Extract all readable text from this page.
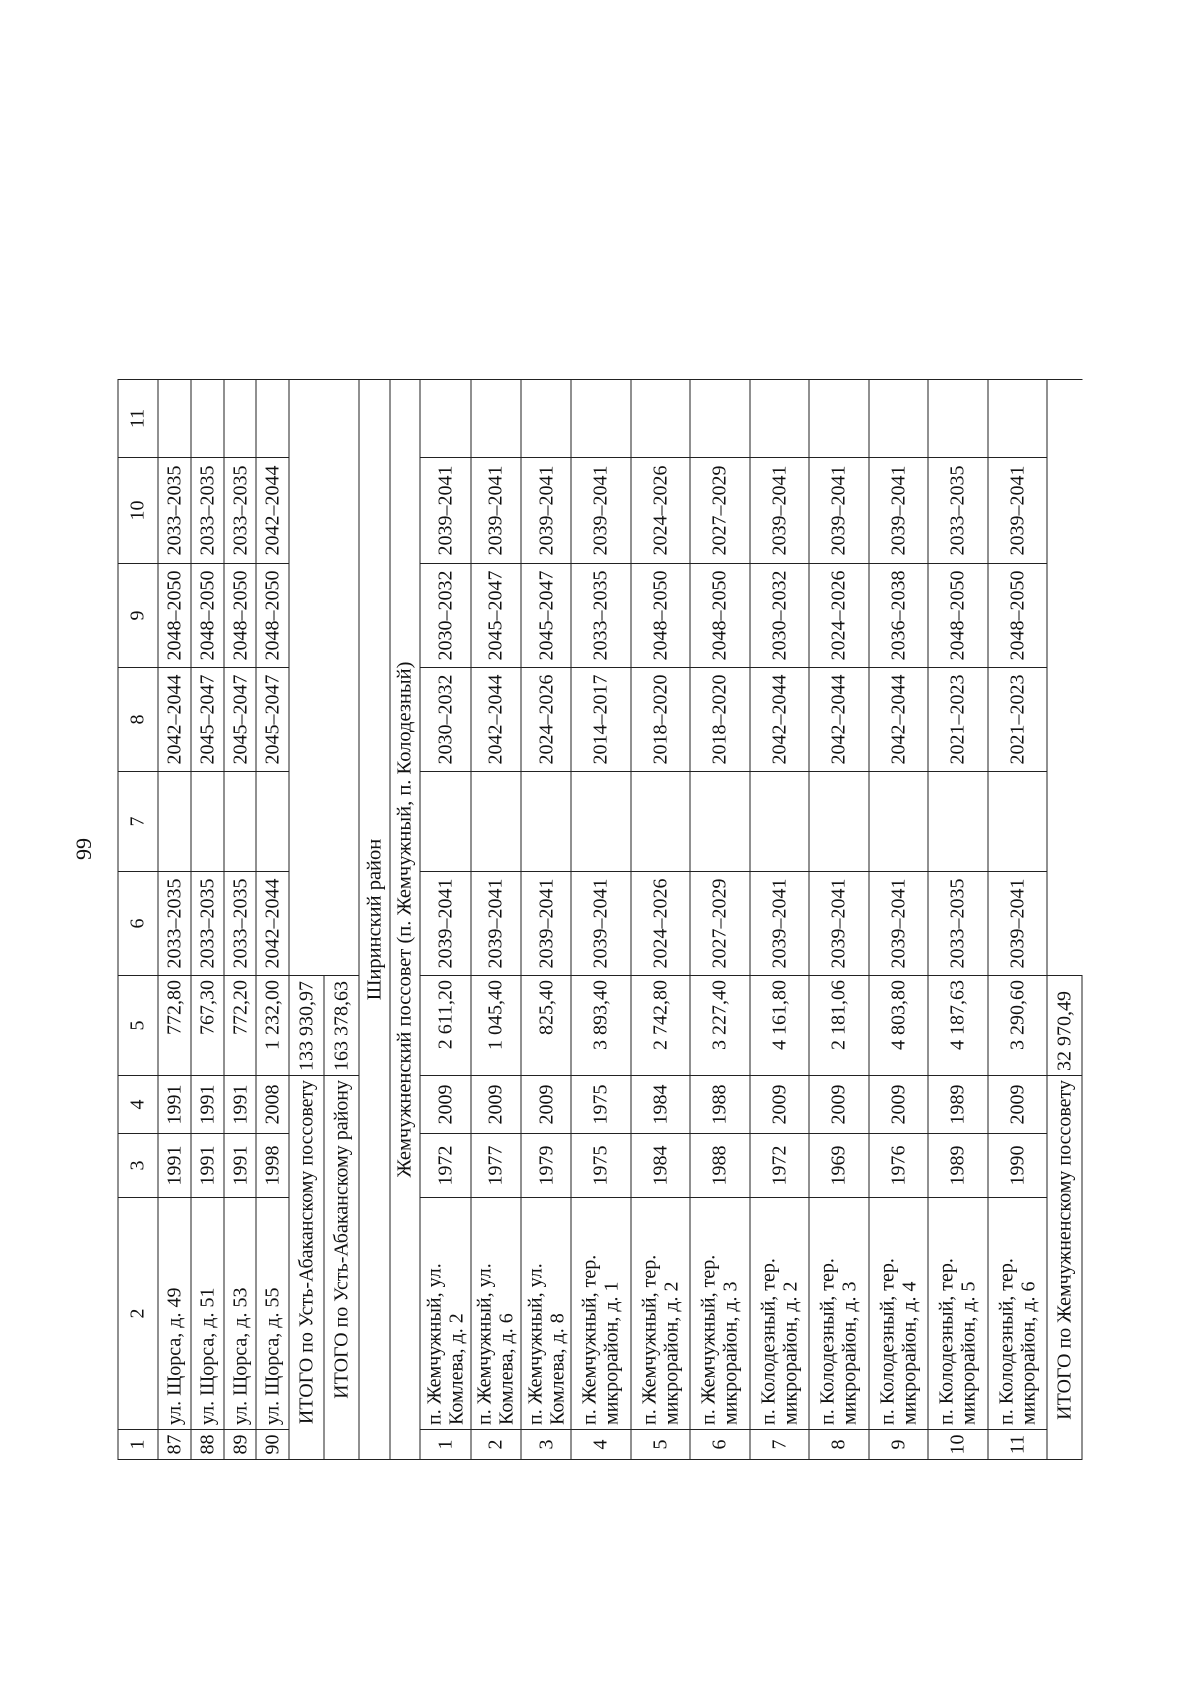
99
1	2	3	4	5	6	7	8	9	10	11
87	ул. Щорса, д. 49	1991	1991	772,80	2033–2035		2042–2044	2048–2050	2033–2035	
88	ул. Щорса, д. 51	1991	1991	767,30	2033–2035		2045–2047	2048–2050	2033–2035	
89	ул. Щорса, д. 53	1991	1991	772,20	2033–2035		2045–2047	2048–2050	2033–2035	
90	ул. Щорса, д. 55	1998	2008	1 232,00	2042–2044		2045–2047	2048–2050	2042–2044	
ИТОГО по Усть-Абаканскому поссовету				133 930,97						
ИТОГО по Усть-Абаканскому району				163 378,63						
Ширинский район										
Жемчужненский поссовет (п. Жемчужный, п. Колодезный)										
1	п. Жемчужный, ул. Комлева, д. 2	1972	2009	2 611,20	2039–2041		2030–2032	2030–2032	2039–2041	
2	п. Жемчужный, ул. Комлева, д. 6	1977	2009	1 045,40	2039–2041		2042–2044	2045–2047	2039–2041	
3	п. Жемчужный, ул. Комлева, д. 8	1979	2009	825,40	2039–2041		2024–2026	2045–2047	2039–2041	
4	п. Жемчужный, тер. микрорайон, д. 1	1975	1975	3 893,40	2039–2041		2014–2017	2033–2035	2039–2041	
5	п. Жемчужный, тер. микрорайон, д. 2	1984	1984	2 742,80	2024–2026		2018–2020	2048–2050	2024–2026	
6	п. Жемчужный, тер. микрорайон, д. 3	1988	1988	3 227,40	2027–2029		2018–2020	2048–2050	2027–2029	
7	п. Колодезный, тер. микрорайон, д. 2	1972	2009	4 161,80	2039–2041		2042–2044	2030–2032	2039–2041	
8	п. Колодезный, тер. микрорайон, д. 3	1969	2009	2 181,06	2039–2041		2042–2044	2024–2026	2039–2041	
9	п. Колодезный, тер. микрорайон, д. 4	1976	2009	4 803,80	2039–2041		2042–2044	2036–2038	2039–2041	
10	п. Колодезный, тер. микрорайон, д. 5	1989	1989	4 187,63	2033–2035		2021–2023	2048–2050	2033–2035	
11	п. Колодезный, тер. микрорайон, д. 6	1990	2009	3 290,60	2039–2041		2021–2023	2048–2050	2039–2041	
ИТОГО по Жемчужненскому поссовету				32 970,49						
